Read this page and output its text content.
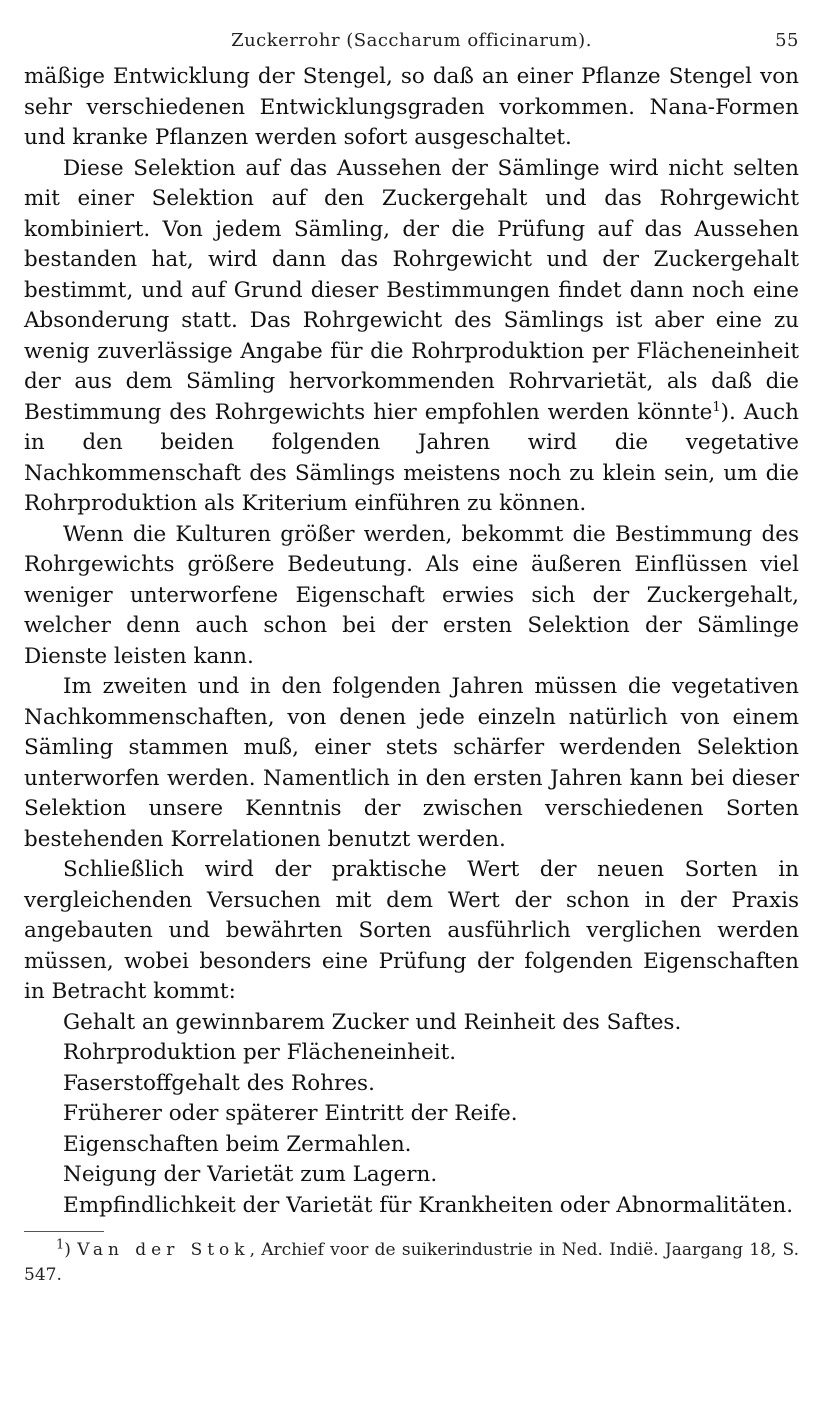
Zuckerrohr (Saccharum officinarum).	55

mäßige Entwicklung der Stengel, so daß an einer Pflanze Stengel von sehr verschiedenen Entwicklungsgraden vorkommen. Nana-Formen und kranke Pflanzen werden sofort ausgeschaltet.

Diese Selektion auf das Aussehen der Sämlinge wird nicht selten mit einer Selektion auf den Zuckergehalt und das Rohrgewicht kombiniert. Von jedem Sämling, der die Prüfung auf das Aussehen bestanden hat, wird dann das Rohrgewicht und der Zuckergehalt bestimmt, und auf Grund dieser Bestimmungen findet dann noch eine Absonderung statt. Das Rohrgewicht des Sämlings ist aber eine zu wenig zuverlässige Angabe für die Rohrproduktion per Flächeneinheit der aus dem Sämling hervorkommenden Rohrvarietät, als daß die Bestimmung des Rohrgewichts hier empfohlen werden könnte$^1$). Auch in den beiden folgenden Jahren wird die vegetative Nachkommenschaft des Sämlings meistens noch zu klein sein, um die Rohrproduktion als Kriterium einführen zu können.

Wenn die Kulturen größer werden, bekommt die Bestimmung des Rohrgewichts größere Bedeutung. Als eine äußeren Einflüssen viel weniger unterworfene Eigenschaft erwies sich der Zuckergehalt, welcher denn auch schon bei der ersten Selektion der Sämlinge Dienste leisten kann.

Im zweiten und in den folgenden Jahren müssen die vegetativen Nachkommenschaften, von denen jede einzeln natürlich von einem Sämling stammen muß, einer stets schärfer werdenden Selektion unterworfen werden. Namentlich in den ersten Jahren kann bei dieser Selektion unsere Kenntnis der zwischen verschiedenen Sorten bestehenden Korrelationen benutzt werden.

Schließlich wird der praktische Wert der neuen Sorten in vergleichenden Versuchen mit dem Wert der schon in der Praxis angebauten und bewährten Sorten ausführlich verglichen werden müssen, wobei besonders eine Prüfung der folgenden Eigenschaften in Betracht kommt:

Gehalt an gewinnbarem Zucker und Reinheit des Saftes.
Rohrproduktion per Flächeneinheit.
Faserstoffgehalt des Rohres.
Früherer oder späterer Eintritt der Reife.
Eigenschaften beim Zermahlen.
Neigung der Varietät zum Lagern.
Empfindlichkeit der Varietät für Krankheiten oder Abnormalitäten.
$^1$) Van der Stok, Archief voor de suikerindustrie in Ned. Indië. Jaargang 18, S. 547.
